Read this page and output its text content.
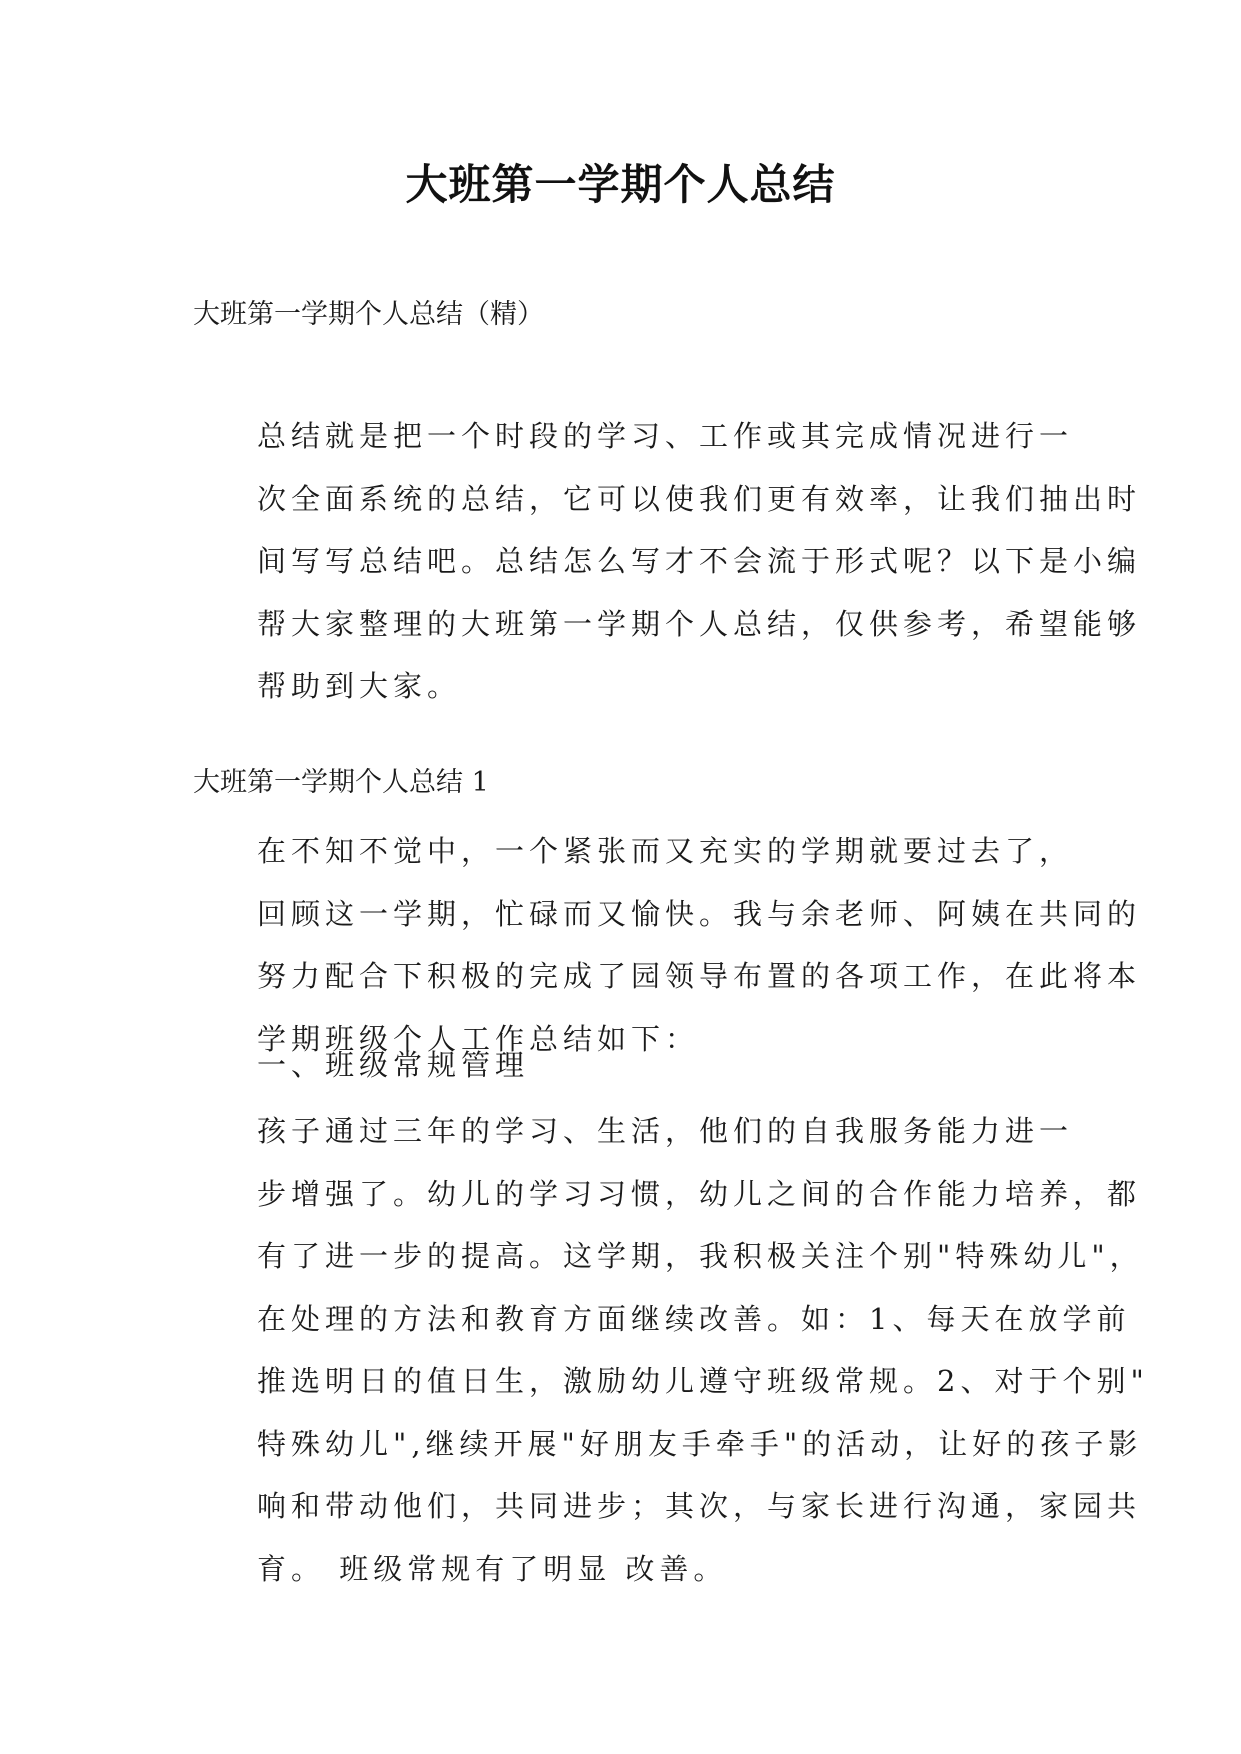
大班第一学期个人总结

大班第一学期个人总结（精）

总结就是把一个时段的学习、工作或其完成情况进行一
次全面系统的总结，它可以使我们更有效率，让我们抽出时
间写写总结吧。总结怎么写才不会流于形式呢？以下是小编
帮大家整理的大班第一学期个人总结，仅供参考，希望能够
帮助到大家。

大班第一学期个人总结 1

在不知不觉中，一个紧张而又充实的学期就要过去了，
回顾这一学期，忙碌而又愉快。我与余老师、阿姨在共同的
努力配合下积极的完成了园领导布置的各项工作，在此将本
学期班级个人工作总结如下：

一、班级常规管理

孩子通过三年的学习、生活，他们的自我服务能力进一
步增强了。幼儿的学习习惯，幼儿之间的合作能力培养，都
有了进一步的提高。这学期，我积极关注个别"特殊幼儿"，
在处理的方法和教育方面继续改善。如：1、每天在放学前
推选明日的值日生，激励幼儿遵守班级常规。2、对于个别"
特殊幼儿",继续开展"好朋友手牵手"的活动，让好的孩子影
响和带动他们，共同进步；其次，与家长进行沟通，家园共
育。 班级常规有了明显 改善。
